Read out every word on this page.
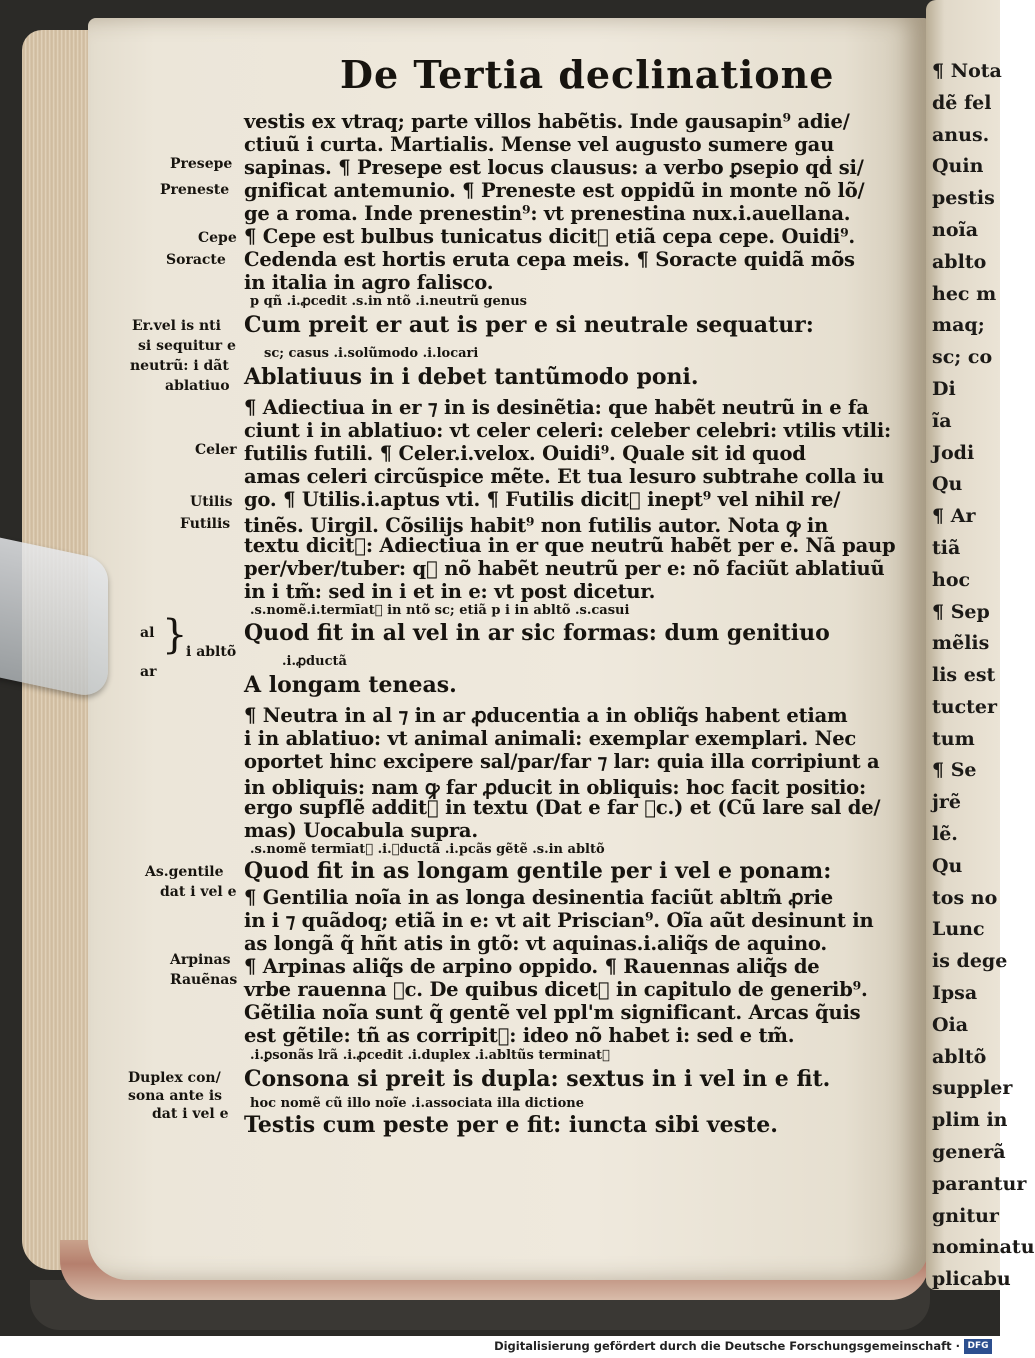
¶ Nota
dẽ fel
anus.
Quin
pestis
noĩa
ablto
hec m
maq;
sc; co
Di
ĩa
Jodi
Qu
¶ Ar
tiã
hoc
¶ Sep
mẽlis
lis est
tucter
tum
¶ Se
jrẽ
lẽ.
Qu
tos no
Lunc
is dege
Ipsa
Oia
abltõ
suppler
plim in
generã
parantur
gnitur
nominatu
plicabu
De Tertia declinatione
vestis ex vtraq; parte villos habẽtis. Inde gausapin⁹ adie/
ctiuũ i curta. Martialis. Mense vel augusto sumere gau
sapinas. ¶ Presepe est locus clausus: a verbo ꝑsepio qḋ si/
gnificat antemunio. ¶ Preneste est oppidũ in monte nõ lõ/
ge a roma. Inde prenestin⁹: vt prenestina nux.i.auellana.
¶ Cepe est bulbus tunicatus dicit᷑ etiã cepa cepe. Ouidi⁹.
Cedenda est hortis eruta cepa meis. ¶ Soracte quidã mõs
in italia in agro falisco.
p qñ .i.ꝓcedit .s.in ntõ .i.neutrũ genus
Cum preit er aut is per e si neutrale sequatur:
sc; casus .i.solũmodo .i.locari
Ablatiuus in i debet tantũmodo poni.
¶ Adiectiua in er ⁊ in is desinẽtia: que habẽt neutrũ in e fa
ciunt i in ablatiuo: vt celer celeri: celeber celebri: vtilis vtili:
futilis futili. ¶ Celer.i.velox. Ouidi⁹. Quale sit id quod
amas celeri circũspice mẽte. Et tua lesuro subtrahe colla iu
go. ¶ Utilis.i.aptus vti. ¶ Futilis dicit᷑ inept⁹ vel nihil re/
tinẽs. Uirgil. Cõsilijs habit⁹ non futilis autor. Nota ꝙ in
textu dicit᷑: Adiectiua in er que neutrũ habẽt per e. Nã paup
per/vber/tuber: q᷑ nõ habẽt neutrũ per e: nõ faciũt ablatiuũ
in i tm̃: sed in i et in e: vt post dicetur.
.s.nomẽ.i.termīat᷑ in ntõ sc; etiã p i in abltõ .s.casui
Quod fit in al vel in ar sic formas: dum genitiuo
.i.ꝓductã
A longam teneas.
¶ Neutra in al ⁊ in ar ꝓducentia a in obliq̃s habent etiam
i in ablatiuo: vt animal animali: exemplar exemplari. Nec
oportet hinc excipere sal/par/far ⁊ lar: quia illa corripiunt a
in obliquis: nam ꝙ far ꝓducit in obliquis: hoc facit positio:
ergo supflẽ addit᷑ in textu (Dat e far ⁊c.) et (Cũ lare sal de/
mas) Uocabula supra.
.s.nomẽ termīat᷑ .i.ꝓductã .i.pcãs gẽtẽ .s.in abltõ
Quod fit in as longam gentile per i vel e ponam:
¶ Gentilia noĩa in as longa desinentia faciũt abltm̃ ꝓrie
in i ⁊ quãdoq; etiã in e: vt ait Priscian⁹. Oĩa aũt desinunt in
as longã q̃ hñt atis in gtõ: vt aquinas.i.aliq̃s de aquino.
¶ Arpinas aliq̃s de arpino oppido. ¶ Rauennas aliq̃s de
vrbe rauenna ⁊c. De quibus dicet᷑ in capitulo de generib⁹.
Gẽtilia noĩa sunt q̃ gentẽ vel ppl'm significant. Arcas q̃uis
est gẽtile: tñ as corripit᷑: ideo nõ habet i: sed e tm̃.
.i.ꝑsonãs lrã .i.ꝓcedit .i.duplex .i.abltũs terminat᷑
Consona si preit is dupla: sextus in i vel in e fit.
hoc nomẽ cũ illo noĩe .i.associata illa dictione
Testis cum peste per e fit: iuncta sibi veste.
Presepe
Preneste
Cepe
Soracte
Er.vel is nti
si sequitur e
neutrũ: i dãt
ablatiuo
Celer
Utilis
Futilis
al
ar
}
i abltõ
As.gentile
dat i vel e
Arpinas
Rauẽnas
Duplex con/
sona ante is
dat i vel e
Digitalisierung gefördert durch die Deutsche Forschungsgemeinschaft · DFG
